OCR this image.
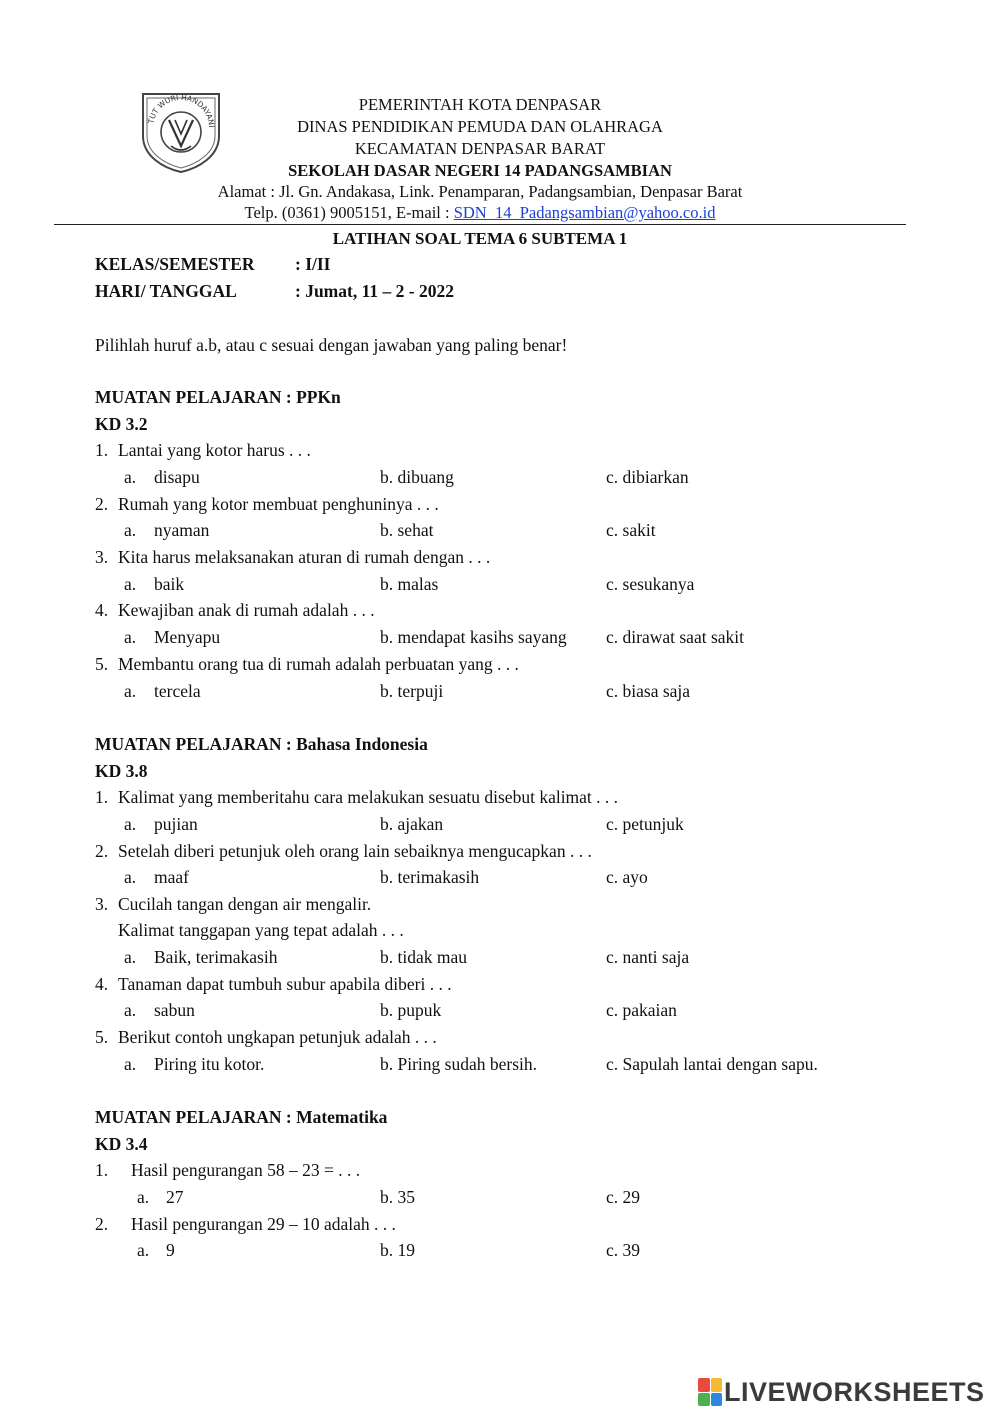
TUT WURI HANDAYANI
PEMERINTAH KOTA DENPASAR
DINAS PENDIDIKAN PEMUDA DAN OLAHRAGA
KECAMATAN DENPASAR BARAT
SEKOLAH DASAR NEGERI 14 PADANGSAMBIAN
Alamat : Jl. Gn. Andakasa, Link. Penamparan, Padangsambian, Denpasar Barat
Telp. (0361) 9005151, E-mail : SDN_14_Padangsambian@yahoo.co.id
LATIHAN SOAL TEMA 6 SUBTEMA 1
KELAS/SEMESTER : I/II
HARI/ TANGGAL	: Jumat, 11 – 2 - 2022
Pilihlah huruf a.b, atau c sesuai dengan jawaban yang paling benar!
MUATAN PELAJARAN : PPKn
KD 3.2
1. Lantai yang kotor harus . . .
a. disapu	b. dibuang	c. dibiarkan
2. Rumah yang kotor membuat penghuninya . . .
a. nyaman	b. sehat	c. sakit
3. Kita harus melaksanakan aturan di rumah dengan . . .
a. baik	b. malas	c. sesukanya
4. Kewajiban anak di rumah adalah . . .
a. Menyapu	b. mendapat kasihs sayang c. dirawat saat sakit
5. Membantu orang tua di rumah adalah perbuatan yang . . .
a. tercela	b. terpuji	c. biasa saja
MUATAN PELAJARAN : Bahasa Indonesia
KD 3.8
1. Kalimat yang memberitahu cara melakukan sesuatu disebut kalimat . . .
a. pujian	b. ajakan	c. petunjuk
2. Setelah diberi petunjuk oleh orang lain sebaiknya mengucapkan . . .
a. maaf	b. terimakasih	c. ayo
3. Cucilah tangan dengan air mengalir.
Kalimat tanggapan yang tepat adalah . . .
a. Baik, terimakasih	b. tidak mau	c. nanti saja
4. Tanaman dapat tumbuh subur apabila diberi . . .
a. sabun	b. pupuk	c. pakaian
5. Berikut contoh ungkapan petunjuk adalah . . .
a. Piring itu kotor.	b. Piring sudah bersih.	c. Sapulah lantai dengan sapu.
MUATAN PELAJARAN : Matematika
KD 3.4
1. Hasil pengurangan 58 – 23 = . . .
a. 27	b. 35	c. 29
2. Hasil pengurangan 29 – 10 adalah . . .
a. 9	b. 19	c. 39
LIVEWORKSHEETS
